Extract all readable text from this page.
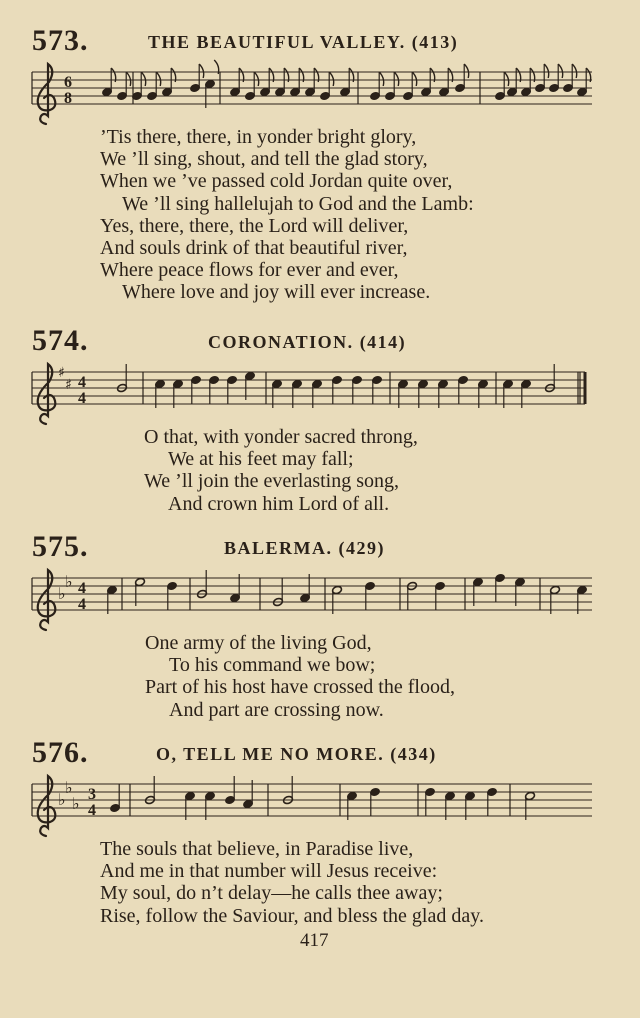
573.	THE BEAUTIFUL VALLEY. (413)
6
8
’Tis there, there, in yonder bright glory,
We ’ll sing, shout, and tell the glad story,
When we ’ve passed cold Jordan quite over,
We ’ll sing hallelujah to God and the Lamb:
Yes, there, there, the Lord will deliver,
And souls drink of that beautiful river,
Where peace flows for ever and ever,
Where love and joy will ever increase.
574.	CORONATION. (414)
♯
♯ 4
4
O that, with yonder sacred throng,
We at his feet may fall;
We ’ll join the everlasting song,
And crown him Lord of all.
575.	BALERMA. (429)
♭
♭ 4
4
One army of the living God,
To his command we bow;
Part of his host have crossed the flood,
And part are crossing now.
576.	O, TELL ME NO MORE. (434)
♭
♭
♭ 3
4
The souls that believe, in Paradise live,
And me in that number will Jesus receive:
My soul, do n’t delay—he calls thee away;
Rise, follow the Saviour, and bless the glad day.
417
